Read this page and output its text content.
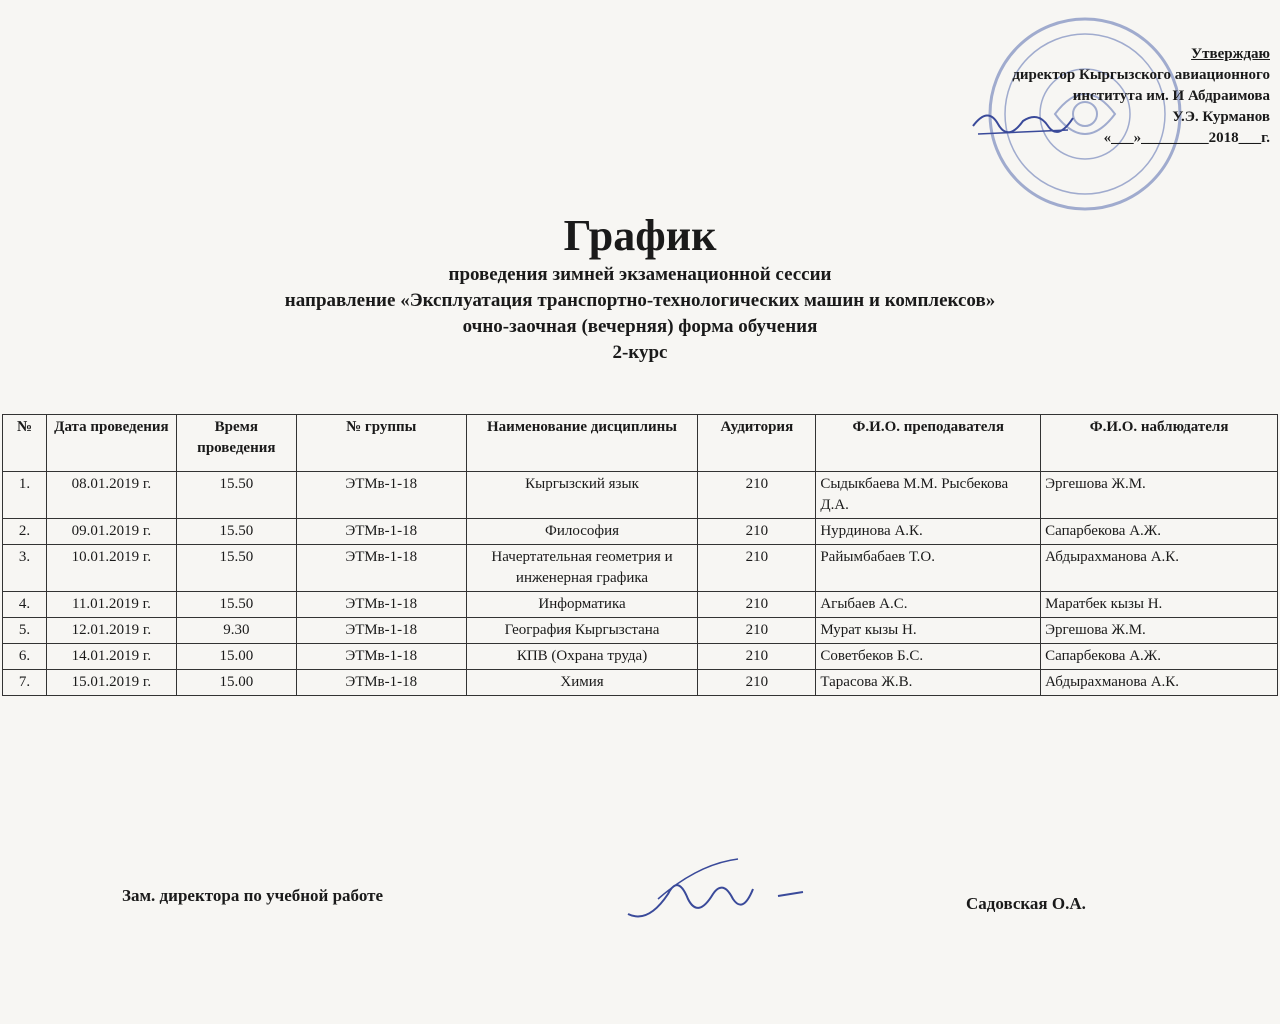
Утверждаю
директор Кыргызского авиационного
института им. И Абдраимова
У.Э. Курманов
«___»_________2018___г.
График
проведения зимней экзаменационной сессии
направление «Эксплуатация транспортно-технологических машин и комплексов»
очно-заочная (вечерняя) форма обучения
2-курс
№	Дата проведения	Время проведения	№ группы	Наименование дисциплины	Аудитория	Ф.И.О. преподавателя	Ф.И.О. наблюдателя
1.	08.01.2019 г.	15.50	ЭТМв-1-18	Кыргызский язык	210	Сыдыкбаева М.М. Рысбекова Д.А.	Эргешова Ж.М.
2.	09.01.2019 г.	15.50	ЭТМв-1-18	Философия	210	Нурдинова А.К.	Сапарбекова А.Ж.
3.	10.01.2019 г.	15.50	ЭТМв-1-18	Начертательная геометрия и инженерная графика	210	Райымбабаев Т.О.	Абдырахманова А.К.
4.	11.01.2019 г.	15.50	ЭТМв-1-18	Информатика	210	Агыбаев А.С.	Маратбек кызы Н.
5.	12.01.2019 г.	9.30	ЭТМв-1-18	География Кыргызстана	210	Мурат кызы Н.	Эргешова Ж.М.
6.	14.01.2019 г.	15.00	ЭТМв-1-18	КПВ (Охрана труда)	210	Советбеков Б.С.	Сапарбекова А.Ж.
7.	15.01.2019 г.	15.00	ЭТМв-1-18	Химия	210	Тарасова Ж.В.	Абдырахманова А.К.
Зам. директора по учебной работе	Садовская О.А.
